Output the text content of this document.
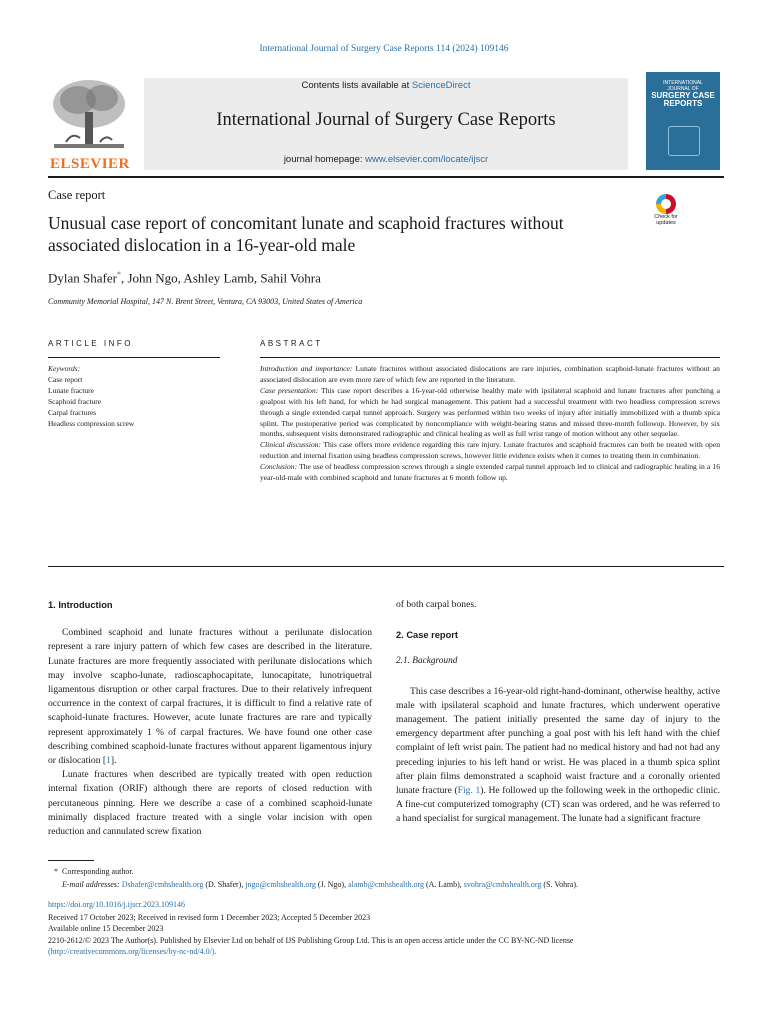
International Journal of Surgery Case Reports 114 (2024) 109146
ELSEVIER
Contents lists available at ScienceDirect
International Journal of Surgery Case Reports
journal homepage: www.elsevier.com/locate/ijscr
INTERNATIONAL JOURNAL OF
SURGERY CASE REPORTS
Case report
Unusual case report of concomitant lunate and scaphoid fractures without associated dislocation in a 16-year-old male
Check for updates
Dylan Shafer*, John Ngo, Ashley Lamb, Sahil Vohra
Community Memorial Hospital, 147 N. Brent Street, Ventura, CA 93003, United States of America
ARTICLE INFO
Keywords:
Case report
Lunate fracture
Scaphoid fracture
Carpal fractures
Headless compression screw
ABSTRACT

Introduction and importance: Lunate fractures without associated dislocations are rare injuries, combination scaphoid-lunate fractures without an associated dislocation are even more rare of which few are reported in the literature.

Case presentation: This case report describes a 16-year-old otherwise healthy male with ipsilateral scaphoid and lunate fractures after punching a goalpost with his left hand, for which he had surgical management. This patient had a successful treatment with two headless compression screws through a single extended carpal tunnel approach. Surgery was performed within two weeks of injury after initially immobilized with a thumb spica splint. The postoperative period was complicated by noncompliance with weight-bearing status and missed three-month followup. However, by six months, subsequent visits demonstrated radiographic and clinical healing as well as full wrist range of motion without any other sequelae.

Clinical discussion: This case offers more evidence regarding this rare injury. Lunate fractures and scaphoid fractures can both be treated with open reduction and internal fixation using headless compression screws, however little evidence exists when it comes to treating them in combination.

Conclusion: The use of headless compression screws through a single extended carpal tunnel approach led to clinical and radiographic healing in a 16 year-old-male with combined scaphoid and lunate fractures at 6 month follow up.

1. Introduction

Combined scaphoid and lunate fractures without a perilunate dislocation represent a rare injury pattern of which few cases are described in the literature. Lunate fractures are more frequently associated with perilunate dislocations which may involve scapho-lunate, radioscaphocapitate, lunocapitate, lunotriquetral ligamentous disruption or other carpal fractures. Due to their relatively infrequent occurrence in the context of carpal fractures, it is difficult to find a relative rate of scaphoid-lunate fractures. However, acute lunate fractures are rare and typically represent approximately 1 % of carpal fractures. We have found one other case describing combined scaphoid-lunate fractures without apparent ligamentous injury or dislocation [1].

Lunate fractures when described are typically treated with open reduction internal fixation (ORIF) although there are reports of closed reduction with percutaneous pinning. Here we describe a case of a combined scaphoid-lunate minimally displaced fracture treated with a single volar incision with open reduction and cannulated screw fixation

of both carpal bones.

2. Case report
2.1. Background

This case describes a 16-year-old right-hand-dominant, otherwise healthy, active male with ipsilateral scaphoid and lunate fractures, which underwent operative management. The patient initially presented the same day of injury to the emergency department after punching a goal post with his left hand with the chief complaint of left wrist pain. The patient had no medical history and had not had any preceding injuries to his left hand or wrist. He was placed in a thumb spica splint after plain films demonstrated a scaphoid waist fracture and a coronally oriented lunate fracture (Fig. 1). He followed up the following week in the orthopedic clinic. A fine-cut computerized tomography (CT) scan was ordered, and he was referred to a hand specialist for surgical management. The lunate had a significant fracture

* Corresponding author.
E-mail addresses: Dshafer@cmhshealth.org (D. Shafer), jngo@cmhshealth.org (J. Ngo), alamb@cmhshealth.org (A. Lamb), svohra@cmhshealth.org (S. Vohra).
https://doi.org/10.1016/j.ijscr.2023.109146
Received 17 October 2023; Received in revised form 1 December 2023; Accepted 5 December 2023
Available online 15 December 2023
2210-2612/© 2023 The Author(s). Published by Elsevier Ltd on behalf of IJS Publishing Group Ltd. This is an open access article under the CC BY-NC-ND license
(http://creativecommons.org/licenses/by-nc-nd/4.0/).
